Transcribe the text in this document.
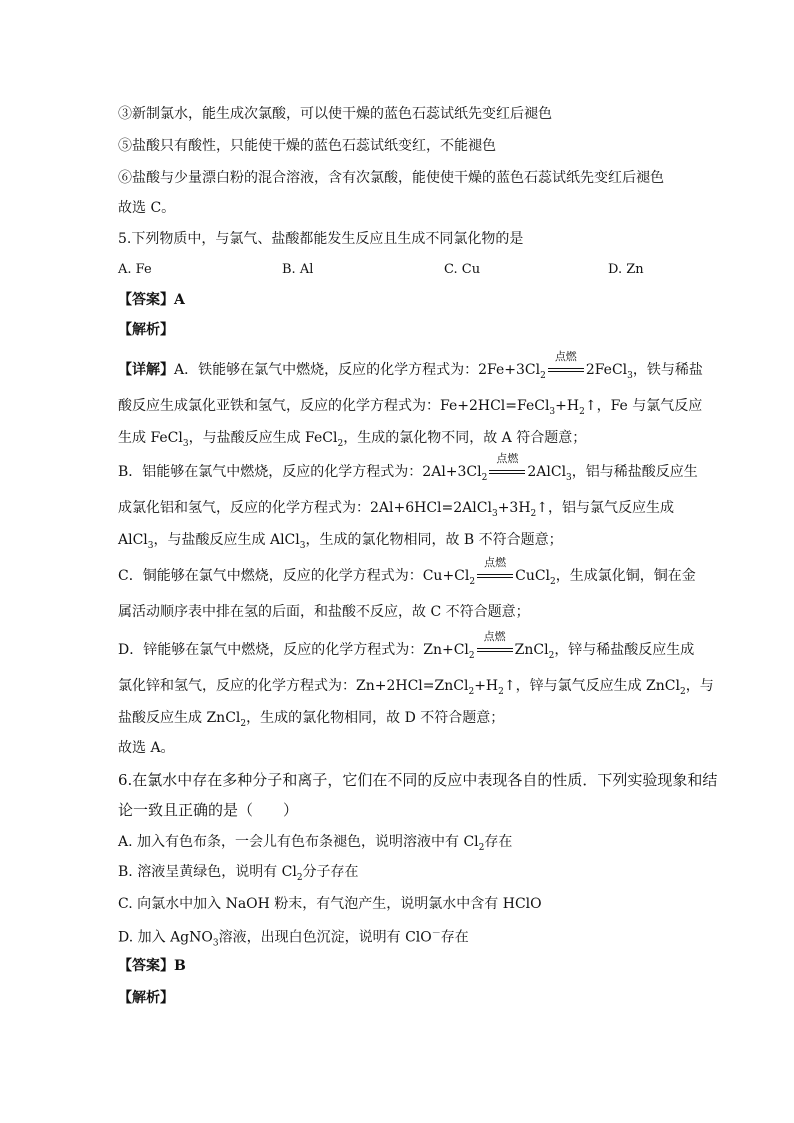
③新制氯水，能生成次氯酸，可以使干燥的蓝色石蕊试纸先变红后褪色
⑤盐酸只有酸性，只能使干燥的蓝色石蕊试纸变红，不能褪色
⑥盐酸与少量漂白粉的混合溶液，含有次氯酸，能使使干燥的蓝色石蕊试纸先变红后褪色
故选 C。
5.下列物质中，与氯气、盐酸都能发生反应且生成不同氯化物的是
A. Fe	B. Al	C. Cu	D. Zn
【答案】A
【解析】
【详解】A．铁能够在氯气中燃烧，反应的化学方程式为：$2Fe+3Cl_2$
点燃
2FeCl$_3$，铁与稀盐
酸反应生成氯化亚铁和氢气，反应的化学方程式为：$Fe+2HCl=FeCl_3+H_2↑$，Fe 与氯气反应
生成 FeCl$_3$，与盐酸反应生成 FeCl$_2$，生成的氯化物不同，故 A 符合题意；
B．铝能够在氯气中燃烧，反应的化学方程式为：$2Al+3Cl_2$
点燃
2AlCl$_3$，铝与稀盐酸反应生
成氯化铝和氢气，反应的化学方程式为：$2Al+6HCl=2AlCl_3+3H_2↑$，铝与氯气反应生成
AlCl$_3$，与盐酸反应生成 AlCl$_3$，生成的氯化物相同，故 B 不符合题意；
C．铜能够在氯气中燃烧，反应的化学方程式为：$Cu+Cl_2$
点燃
CuCl$_2$，生成氯化铜，铜在金
属活动顺序表中排在氢的后面，和盐酸不反应，故 C 不符合题意；
D．锌能够在氯气中燃烧，反应的化学方程式为：$Zn+Cl_2$
点燃
ZnCl$_2$，锌与稀盐酸反应生成
氯化锌和氢气，反应的化学方程式为：$Zn+2HCl=ZnCl_2+H_2↑$，锌与氯气反应生成 ZnCl$_2$，与
盐酸反应生成 ZnCl$_2$，生成的氯化物相同，故 D 不符合题意；
故选 A。
6.在氯水中存在多种分子和离子，它们在不同的反应中表现各自的性质．下列实验现象和结
论一致且正确的是（　　）
A. 加入有色布条，一会儿有色布条褪色，说明溶液中有 $Cl_2$存在
B. 溶液呈黄绿色，说明有 $Cl_2$分子存在
C. 向氯水中加入 NaOH 粉末，有气泡产生，说明氯水中含有 HClO
D. 加入 AgNO$_3$溶液，出现白色沉淀，说明有 ClO－存在
【答案】B
【解析】
